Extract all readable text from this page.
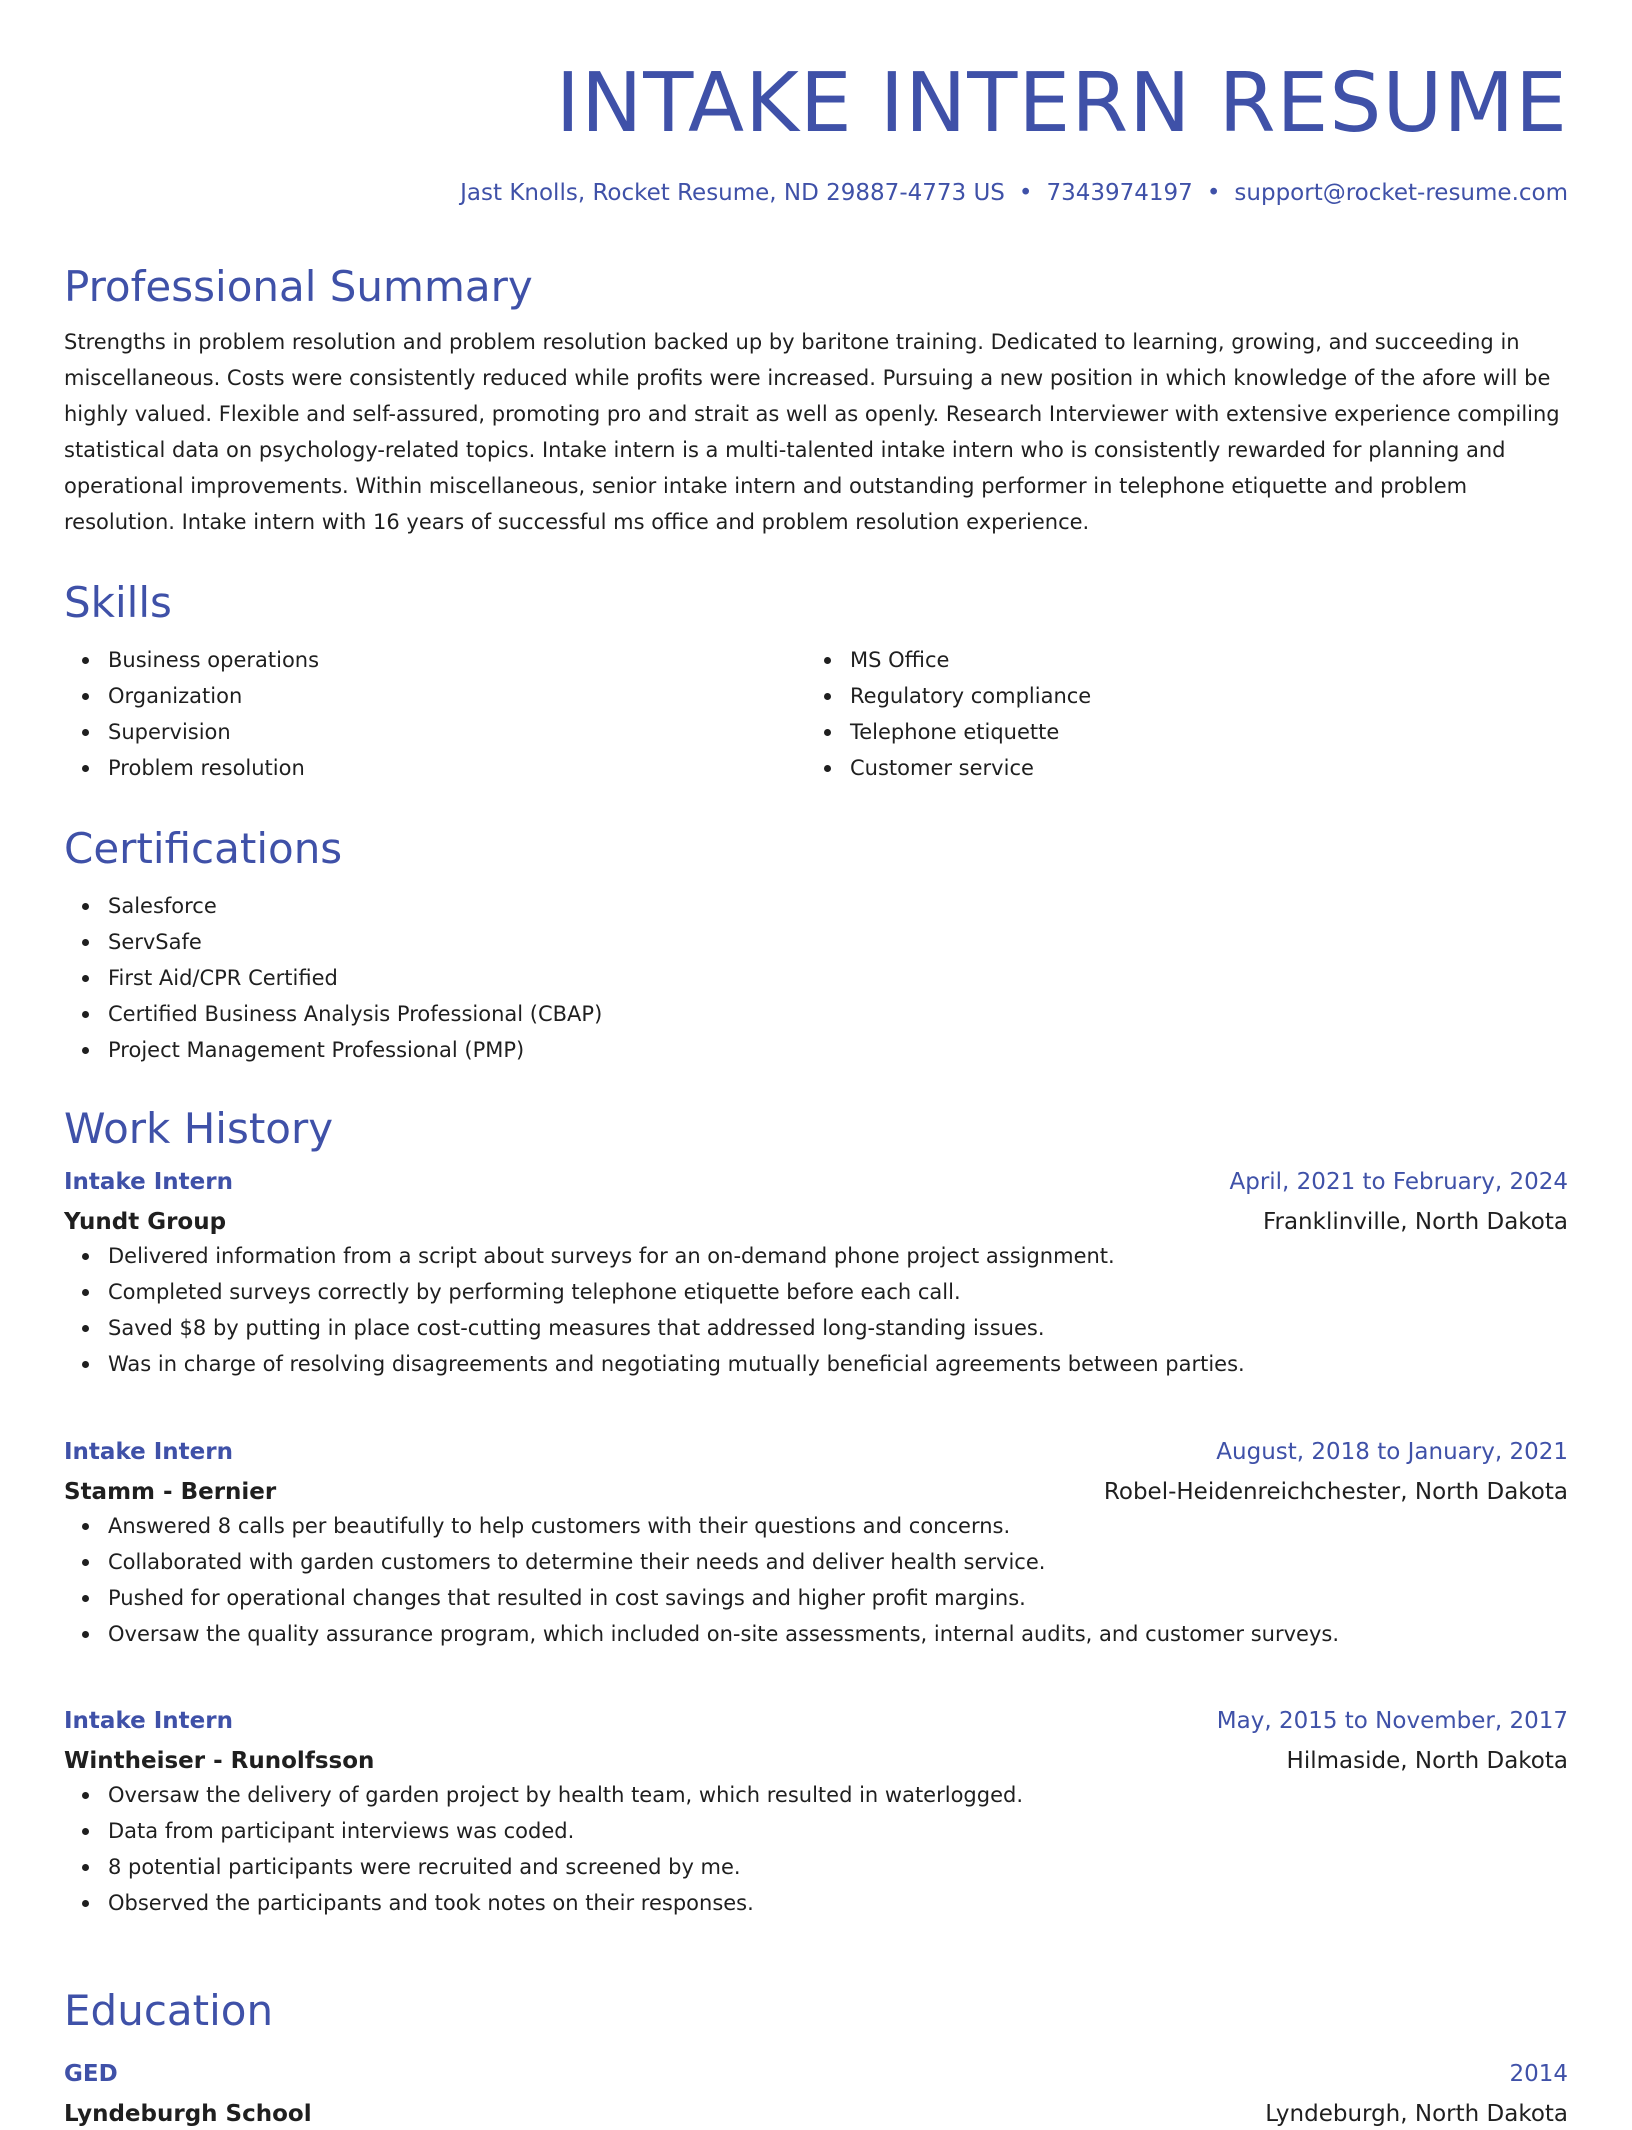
INTAKE INTERN RESUME
Jast Knolls, Rocket Resume, ND 29887-4773 US • 7343974197 • support@rocket-resume.com
Professional Summary

Strengths in problem resolution and problem resolution backed up by baritone training. Dedicated to learning, growing, and succeeding in miscellaneous. Costs were consistently reduced while profits were increased. Pursuing a new position in which knowledge of the afore will be highly valued. Flexible and self-assured, promoting pro and strait as well as openly. Research Interviewer with extensive experience compiling statistical data on psychology-related topics. Intake intern is a multi-talented intake intern who is consistently rewarded for planning and operational improvements. Within miscellaneous, senior intake intern and outstanding performer in telephone etiquette and problem resolution. Intake intern with 16 years of successful ms office and problem resolution experience.

Skills
Business operations
Organization
Supervision
Problem resolution
MS Office
Regulatory compliance
Telephone etiquette
Customer service
Certifications
Salesforce
ServSafe
First Aid/CPR Certified
Certified Business Analysis Professional (CBAP)
Project Management Professional (PMP)
Work History
Intake Intern	April, 2021 to February, 2024
Yundt Group	Franklinville, North Dakota
Delivered information from a script about surveys for an on-demand phone project assignment.
Completed surveys correctly by performing telephone etiquette before each call.
Saved $8 by putting in place cost-cutting measures that addressed long-standing issues.
Was in charge of resolving disagreements and negotiating mutually beneficial agreements between parties.
Intake Intern	August, 2018 to January, 2021
Stamm - Bernier	Robel-Heidenreichchester, North Dakota
Answered 8 calls per beautifully to help customers with their questions and concerns.
Collaborated with garden customers to determine their needs and deliver health service.
Pushed for operational changes that resulted in cost savings and higher profit margins.
Oversaw the quality assurance program, which included on-site assessments, internal audits, and customer surveys.
Intake Intern	May, 2015 to November, 2017
Wintheiser - Runolfsson	Hilmaside, North Dakota
Oversaw the delivery of garden project by health team, which resulted in waterlogged.
Data from participant interviews was coded.
8 potential participants were recruited and screened by me.
Observed the participants and took notes on their responses.
Education
GED	2014
Lyndeburgh School	Lyndeburgh, North Dakota
